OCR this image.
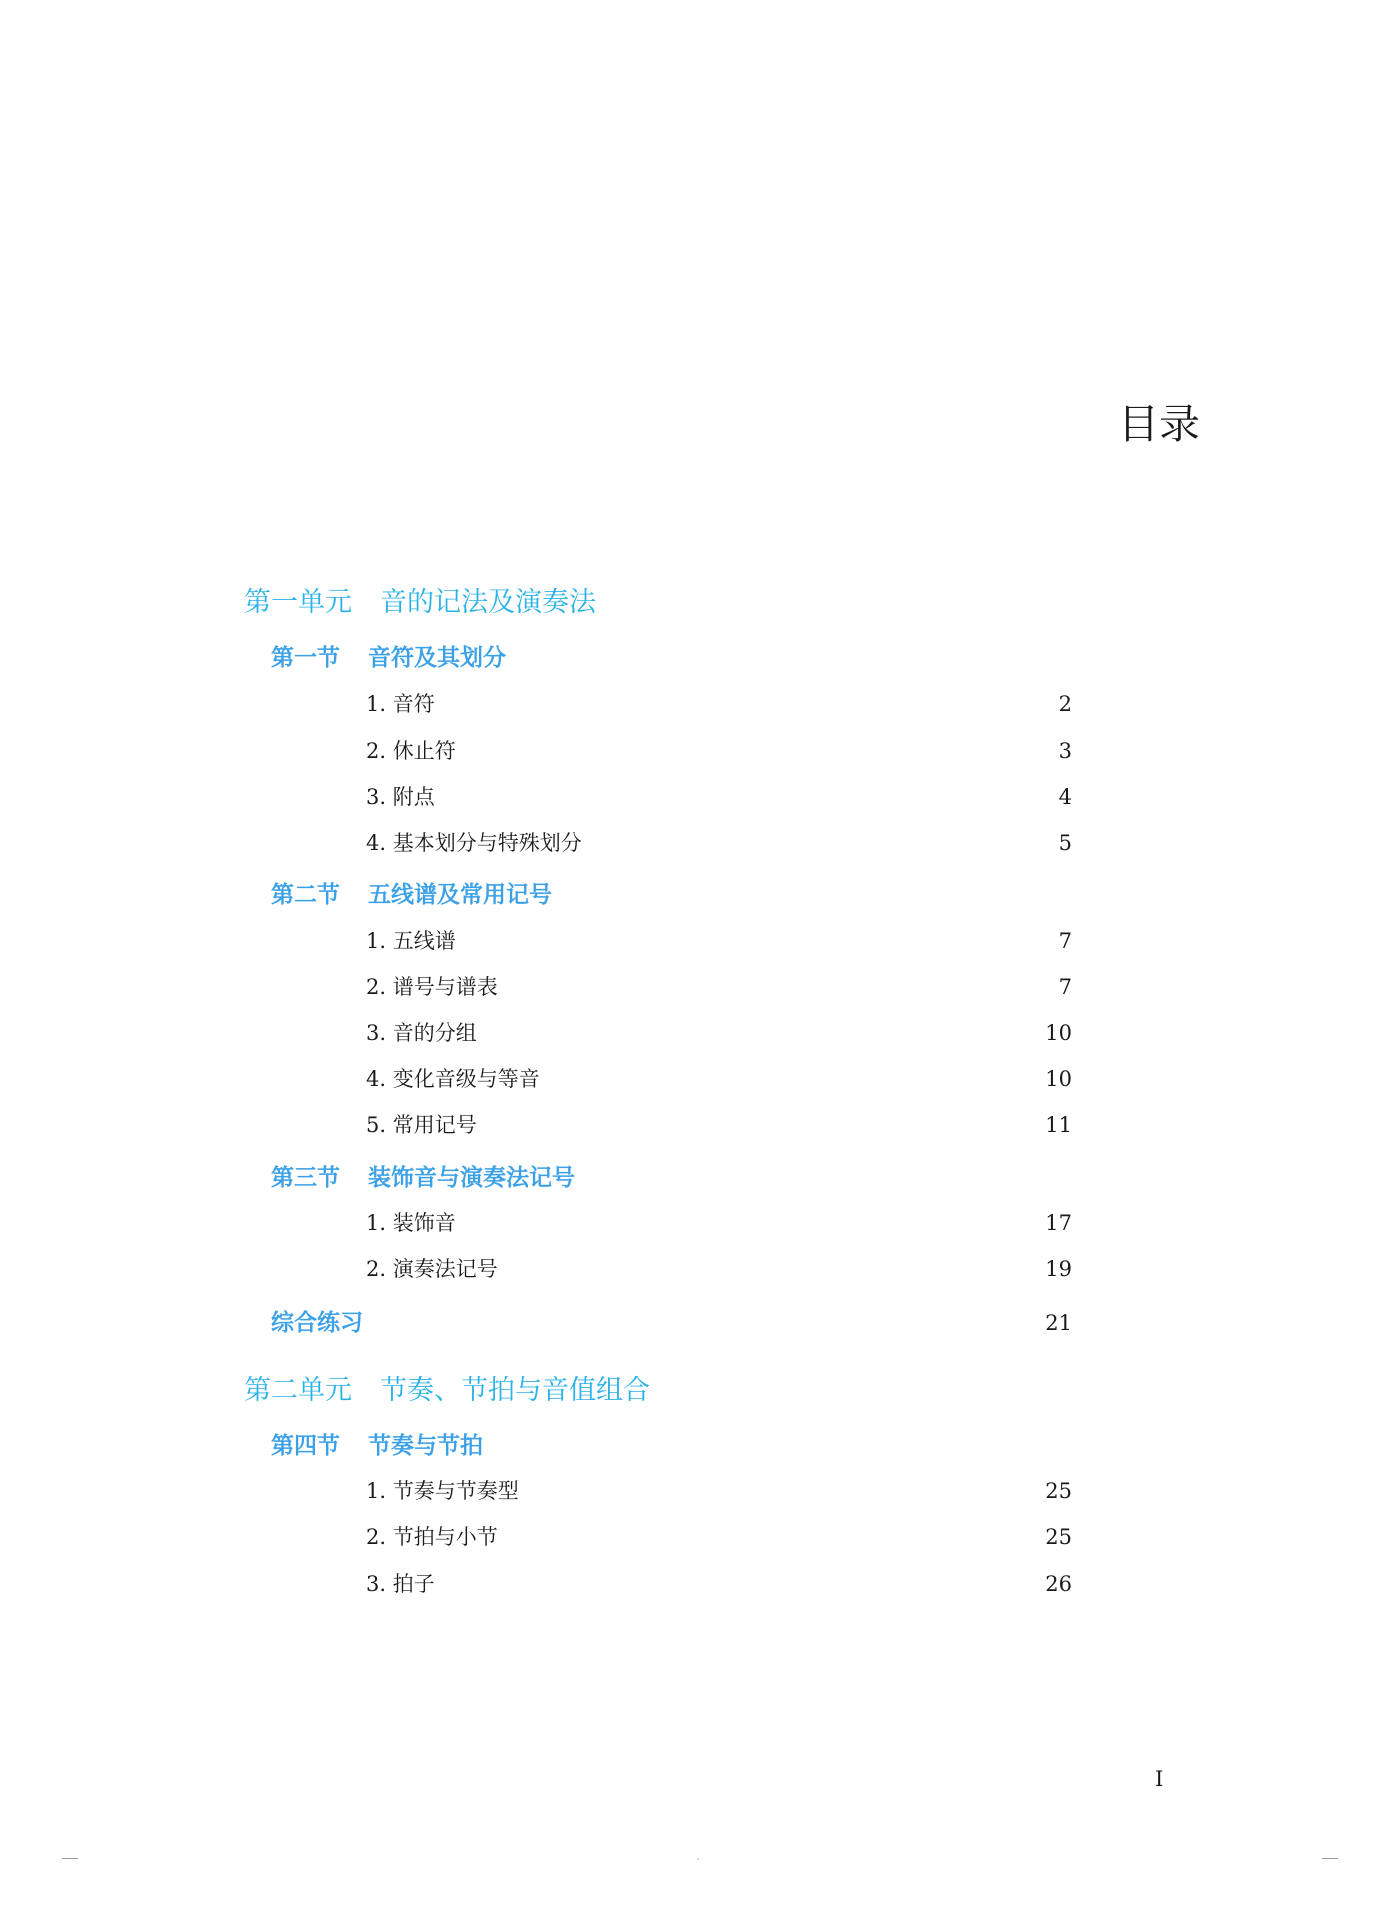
目录
第一单元 音的记法及演奏法
第一节 音符及其划分
1. 音符	2
2. 休止符	3
3. 附点	4
4. 基本划分与特殊划分	5
第二节 五线谱及常用记号
1. 五线谱	7
2. 谱号与谱表	7
3. 音的分组	10
4. 变化音级与等音	10
5. 常用记号	11
第三节 装饰音与演奏法记号
1. 装饰音	17
2. 演奏法记号	19
综合练习	21
第二单元 节奏、节拍与音值组合
第四节 节奏与节拍
1. 节奏与节奏型	25
2. 节拍与小节	25
3. 拍子	26
I
